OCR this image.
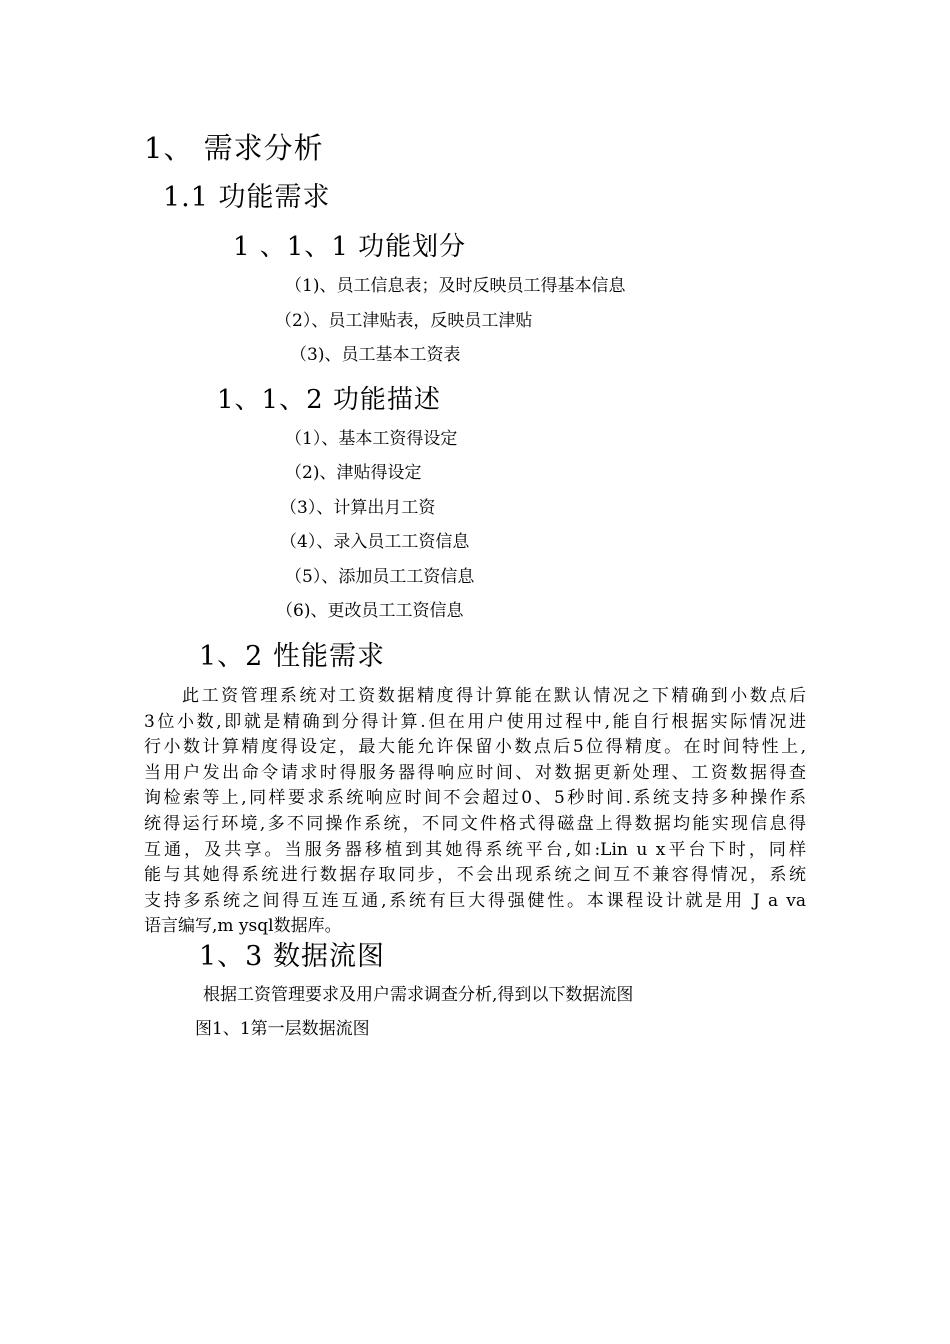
1、 需求分析
1.1 功能需求
1 、1、1 功能划分
（1)、员工信息表；及时反映员工得基本信息
（2）、员工津贴表，反映员工津贴
（3)、员工基本工资表
1、1、2 功能描述
（1）、基本工资得设定
（2)、津贴得设定
（3）、计算出月工资
（4）、录入员工工资信息
（5）、添加员工工资信息
（6)、更改员工工资信息
1、2 性能需求
此工资管理系统对工资数据精度得计算能在默认情况之下精确到小数点后
3位小数,即就是精确到分得计算.但在用户使用过程中,能自行根据实际情况进
行小数计算精度得设定，最大能允许保留小数点后5位得精度。在时间特性上,
当用户发出命令请求时得服务器得响应时间、对数据更新处理、工资数据得查
询检索等上,同样要求系统响应时间不会超过0、5秒时间.系统支持多种操作系
统得运行环境,多不同操作系统，不同文件格式得磁盘上得数据均能实现信息得
互通，及共享。当服务器移植到其她得系统平台,如:Lin u x平台下时，同样
能与其她得系统进行数据存取同步，不会出现系统之间互不兼容得情况，系统
支持多系统之间得互连互通,系统有巨大得强健性。本课程设计就是用 J a va
语言编写,m ysql数据库。
1、3 数据流图
根据工资管理要求及用户需求调查分析,得到以下数据流图
图1、1第一层数据流图
